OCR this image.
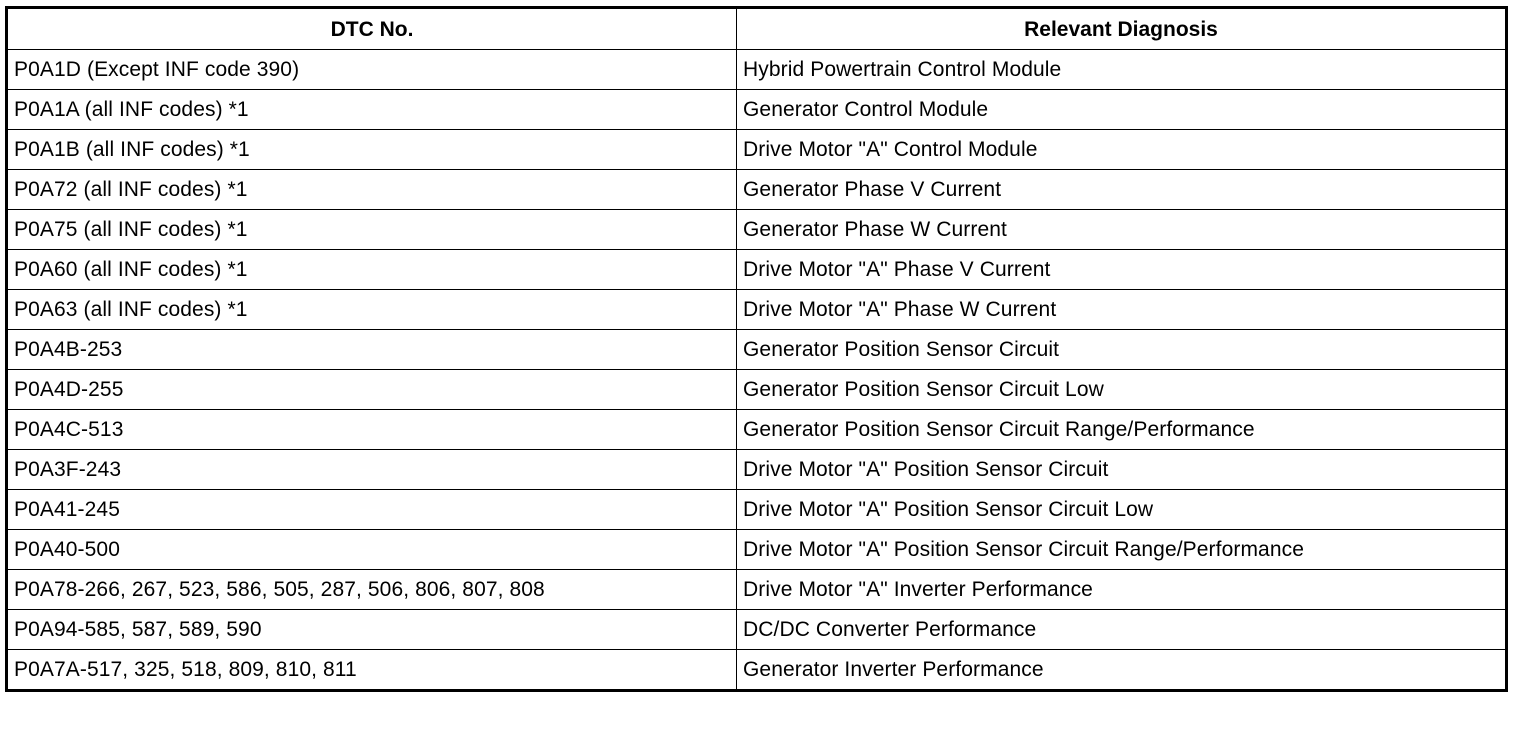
DTC No.	Relevant Diagnosis
P0A1D (Except INF code 390)	Hybrid Powertrain Control Module
P0A1A (all INF codes) *1	Generator Control Module
P0A1B (all INF codes) *1	Drive Motor "A" Control Module
P0A72 (all INF codes) *1	Generator Phase V Current
P0A75 (all INF codes) *1	Generator Phase W Current
P0A60 (all INF codes) *1	Drive Motor "A" Phase V Current
P0A63 (all INF codes) *1	Drive Motor "A" Phase W Current
P0A4B-253	Generator Position Sensor Circuit
P0A4D-255	Generator Position Sensor Circuit Low
P0A4C-513	Generator Position Sensor Circuit Range/Performance
P0A3F-243	Drive Motor "A" Position Sensor Circuit
P0A41-245	Drive Motor "A" Position Sensor Circuit Low
P0A40-500	Drive Motor "A" Position Sensor Circuit Range/Performance
P0A78-266, 267, 523, 586, 505, 287, 506, 806, 807, 808	Drive Motor "A" Inverter Performance
P0A94-585, 587, 589, 590	DC/DC Converter Performance
P0A7A-517, 325, 518, 809, 810, 811	Generator Inverter Performance
